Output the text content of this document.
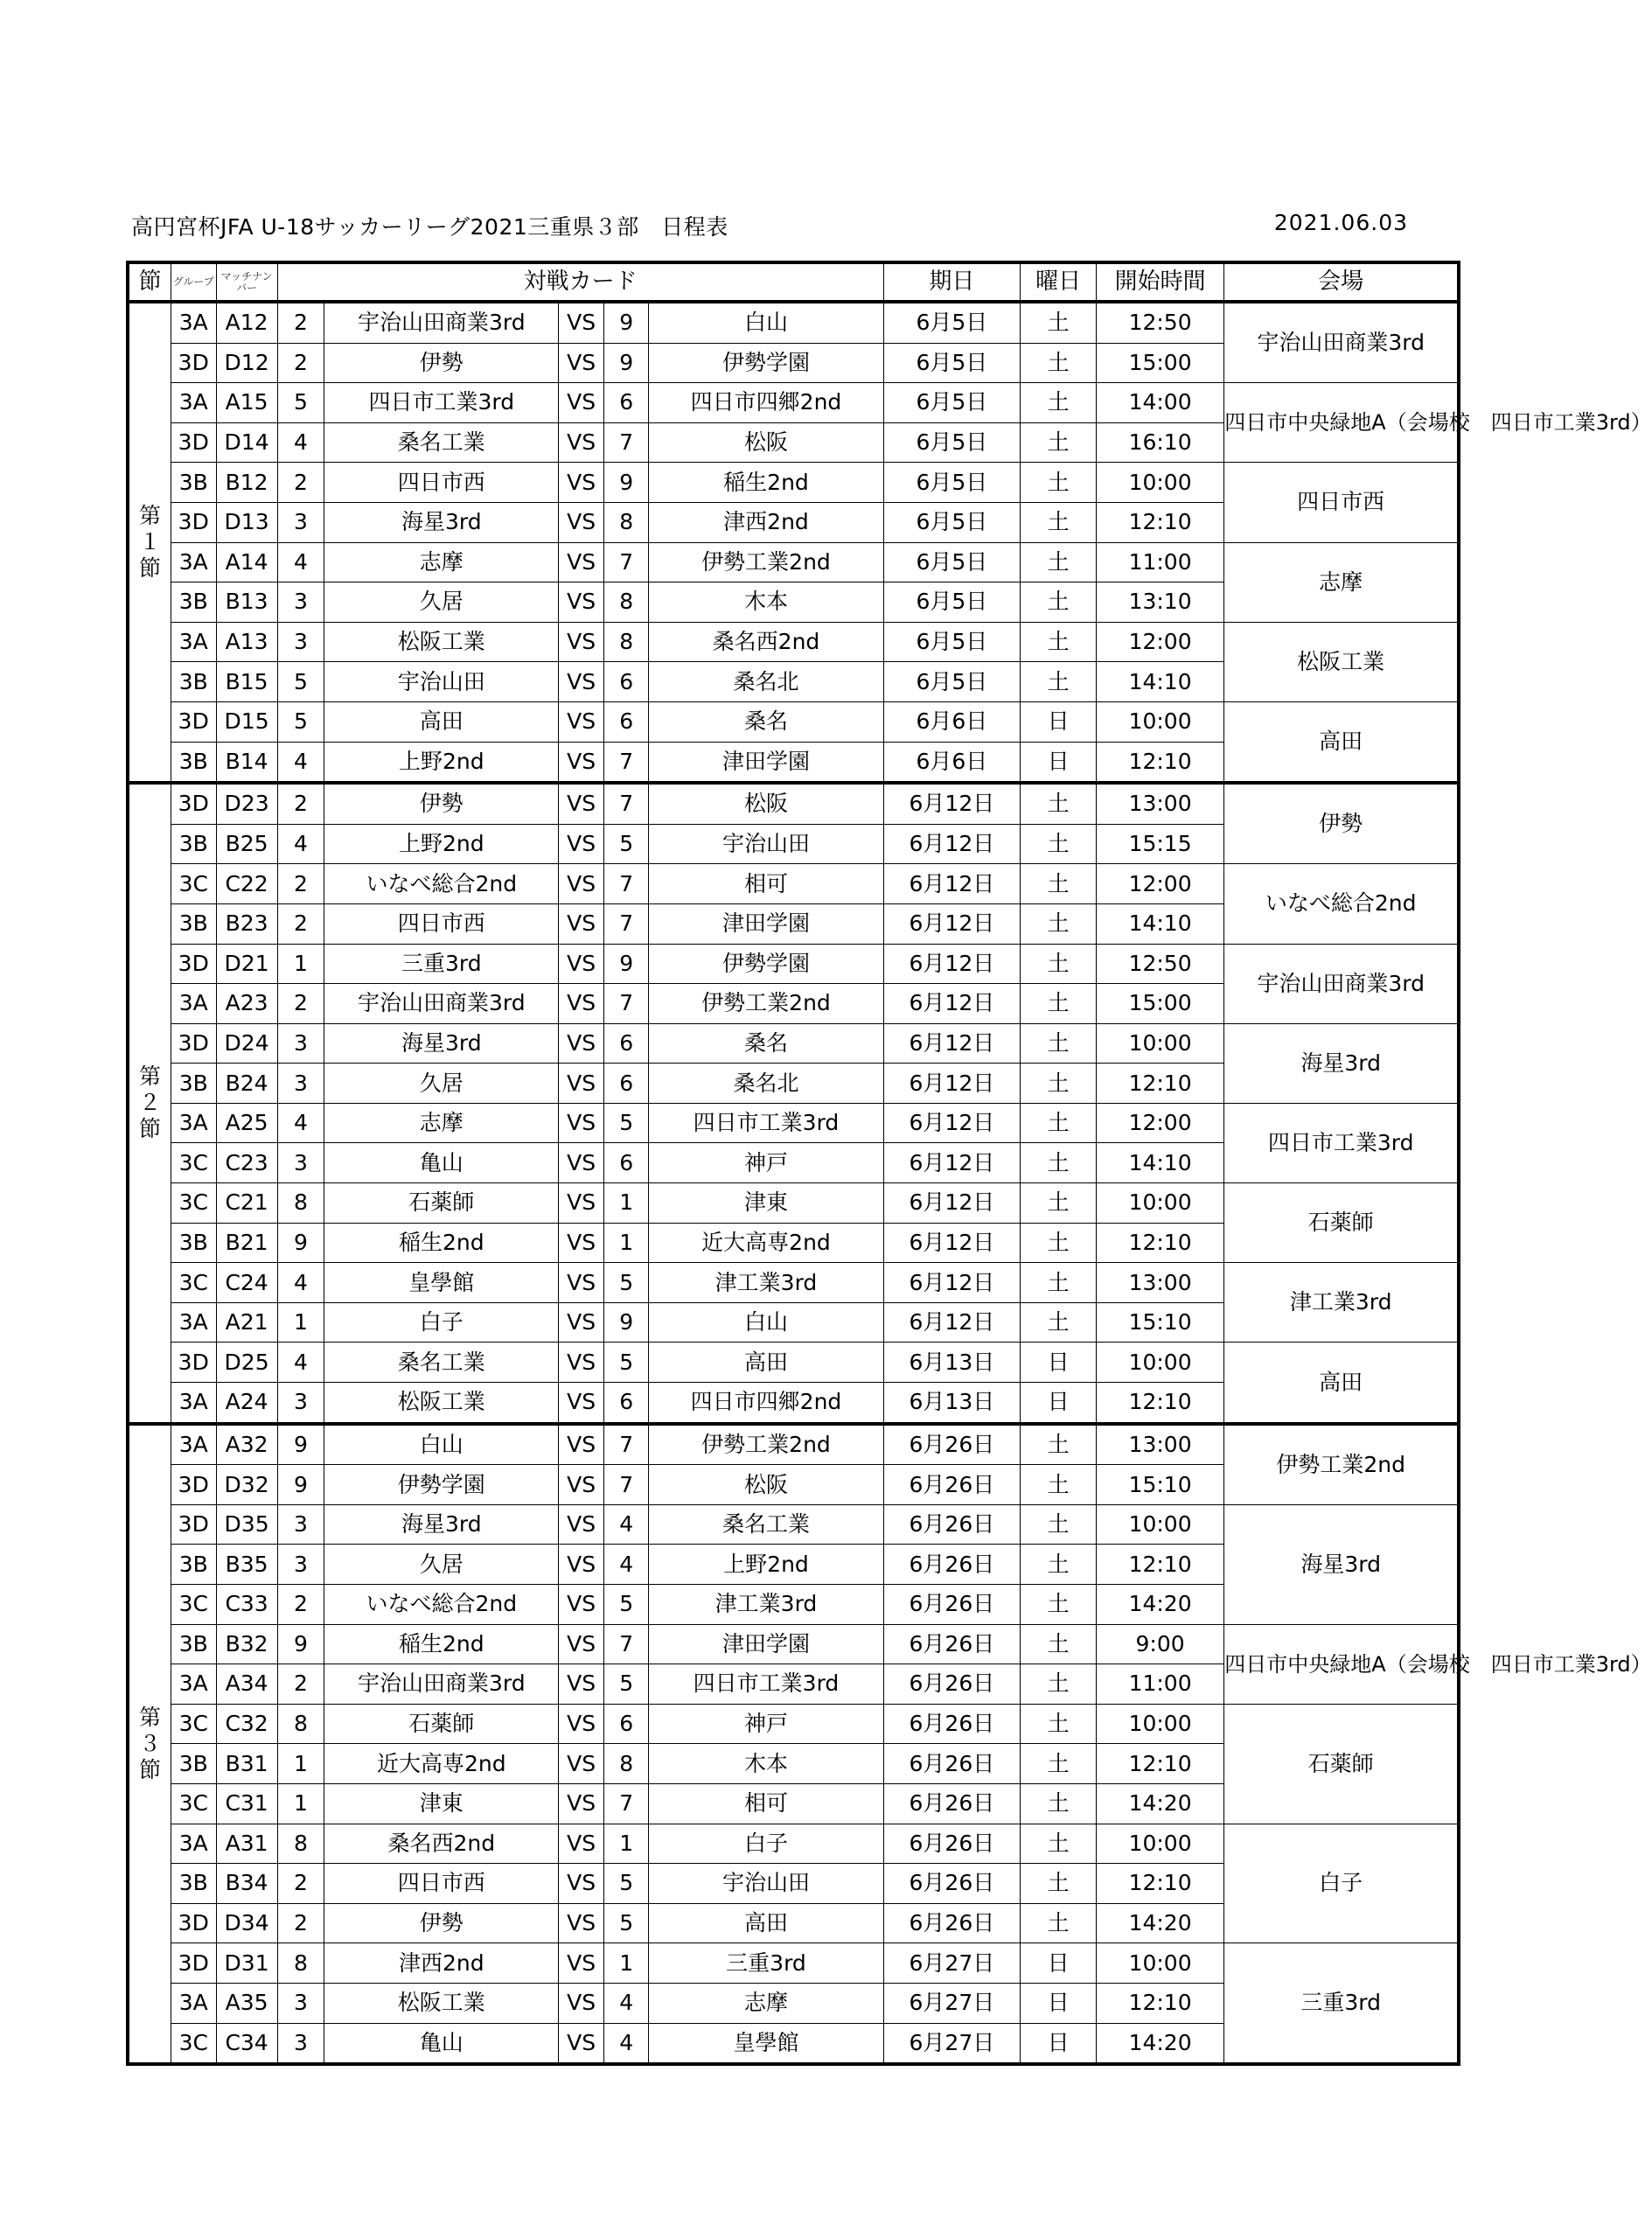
高円宮杯JFA U-18サッカーリーグ2021三重県３部　日程表	2021.06.03
節	グループ	マッチナンバー	対戦カード					期日	曜日	開始時間	会場

第
１
節	3A	A12	2	宇治山田商業3rd	VS	9	白山	6月5日	土	12:50	宇治山田商業3rd
	3D	D12	2	伊勢	VS	9	伊勢学園	6月5日	土	15:00	
	3A	A15	5	四日市工業3rd	VS	6	四日市四郷2nd	6月5日	土	14:00	四日市中央緑地A（会場校　四日市工業3rd）
	3D	D14	4	桑名工業	VS	7	松阪	6月5日	土	16:10	
	3B	B12	2	四日市西	VS	9	稲生2nd	6月5日	土	10:00	四日市西
	3D	D13	3	海星3rd	VS	8	津西2nd	6月5日	土	12:10	
	3A	A14	4	志摩	VS	7	伊勢工業2nd	6月5日	土	11:00	志摩
	3B	B13	3	久居	VS	8	木本	6月5日	土	13:10	
	3A	A13	3	松阪工業	VS	8	桑名西2nd	6月5日	土	12:00	松阪工業
	3B	B15	5	宇治山田	VS	6	桑名北	6月5日	土	14:10	
	3D	D15	5	高田	VS	6	桑名	6月6日	日	10:00	高田
	3B	B14	4	上野2nd	VS	7	津田学園	6月6日	日	12:10	

第
２
節	3D	D23	2	伊勢	VS	7	松阪	6月12日	土	13:00	伊勢
	3B	B25	4	上野2nd	VS	5	宇治山田	6月12日	土	15:15	
	3C	C22	2	いなべ総合2nd	VS	7	相可	6月12日	土	12:00	いなべ総合2nd
	3B	B23	2	四日市西	VS	7	津田学園	6月12日	土	14:10	
	3D	D21	1	三重3rd	VS	9	伊勢学園	6月12日	土	12:50	宇治山田商業3rd
	3A	A23	2	宇治山田商業3rd	VS	7	伊勢工業2nd	6月12日	土	15:00	
	3D	D24	3	海星3rd	VS	6	桑名	6月12日	土	10:00	海星3rd
	3B	B24	3	久居	VS	6	桑名北	6月12日	土	12:10	
	3A	A25	4	志摩	VS	5	四日市工業3rd	6月12日	土	12:00	四日市工業3rd
	3C	C23	3	亀山	VS	6	神戸	6月12日	土	14:10	
	3C	C21	8	石薬師	VS	1	津東	6月12日	土	10:00	石薬師
	3B	B21	9	稲生2nd	VS	1	近大高専2nd	6月12日	土	12:10	
	3C	C24	4	皇學館	VS	5	津工業3rd	6月12日	土	13:00	津工業3rd
	3A	A21	1	白子	VS	9	白山	6月12日	土	15:10	
	3D	D25	4	桑名工業	VS	5	高田	6月13日	日	10:00	高田
	3A	A24	3	松阪工業	VS	6	四日市四郷2nd	6月13日	日	12:10	

第
３
節	3A	A32	9	白山	VS	7	伊勢工業2nd	6月26日	土	13:00	伊勢工業2nd
	3D	D32	9	伊勢学園	VS	7	松阪	6月26日	土	15:10	
	3D	D35	3	海星3rd	VS	4	桑名工業	6月26日	土	10:00	海星3rd
	3B	B35	3	久居	VS	4	上野2nd	6月26日	土	12:10	
	3C	C33	2	いなべ総合2nd	VS	5	津工業3rd	6月26日	土	14:20	
	3B	B32	9	稲生2nd	VS	7	津田学園	6月26日	土	9:00	四日市中央緑地A（会場校　四日市工業3rd）
	3A	A34	2	宇治山田商業3rd	VS	5	四日市工業3rd	6月26日	土	11:00	
	3C	C32	8	石薬師	VS	6	神戸	6月26日	土	10:00	石薬師
	3B	B31	1	近大高専2nd	VS	8	木本	6月26日	土	12:10	
	3C	C31	1	津東	VS	7	相可	6月26日	土	14:20	
	3A	A31	8	桑名西2nd	VS	1	白子	6月26日	土	10:00	白子
	3B	B34	2	四日市西	VS	5	宇治山田	6月26日	土	12:10	
	3D	D34	2	伊勢	VS	5	高田	6月26日	土	14:20	
	3D	D31	8	津西2nd	VS	1	三重3rd	6月27日	日	10:00	三重3rd
	3A	A35	3	松阪工業	VS	4	志摩	6月27日	日	12:10	
	3C	C34	3	亀山	VS	4	皇學館	6月27日	日	14:20	
